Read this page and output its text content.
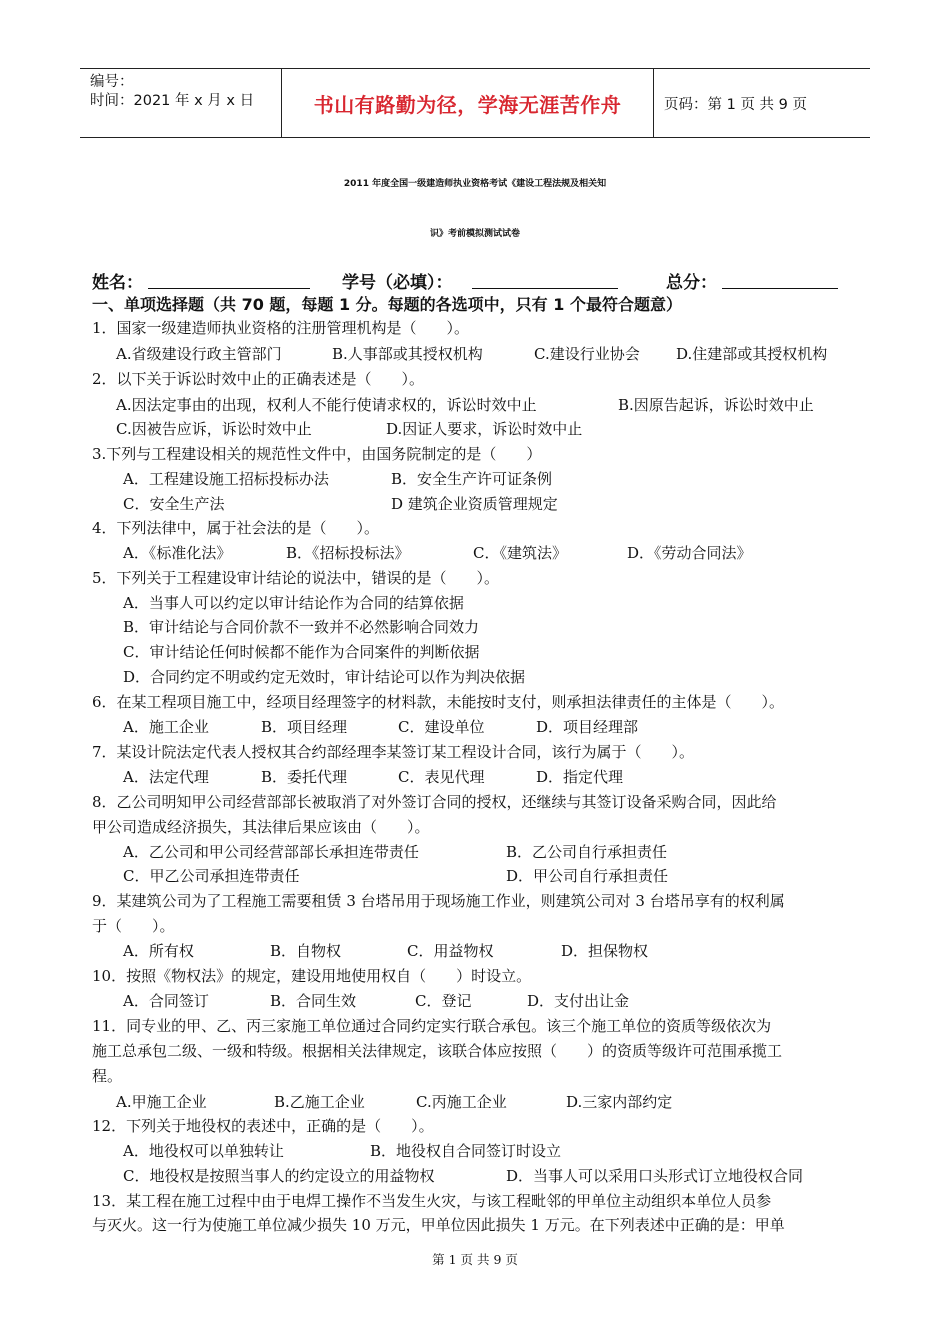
编号：
时间：2021 年 x 月 x 日	书山有路勤为径，学海无涯苦作舟	页码：第 1 页 共 9 页
2011 年度全国一级建造师执业资格考试《建设工程法规及相关知
识》考前模拟测试试卷
姓名：	学号（必填）：	总分：
一、单项选择题（共 70 题，每题 1 分。每题的各选项中，只有 1 个最符合题意）
1．国家一级建造师执业资格的注册管理机构是（　　）。
A.省级建设行政主管部门	B.人事部或其授权机构	C.建设行业协会 D.住建部或其授权机构
2．以下关于诉讼时效中止的正确表述是（　　）。
A.因法定事由的出现，权利人不能行使请求权的，诉讼时效中止	B.因原告起诉，诉讼时效中止
C.因被告应诉，诉讼时效中止	D.因证人要求，诉讼时效中止
3.下列与工程建设相关的规范性文件中，由国务院制定的是（　　）
A．工程建设施工招标投标办法	B．安全生产许可证条例
C．安全生产法	D 建筑企业资质管理规定
4．下列法律中，属于社会法的是（　　）。
A．《标准化法》	B．《招标投标法》	C．《建筑法》	D．《劳动合同法》
5．下列关于工程建设审计结论的说法中，错误的是（　　）。
A．当事人可以约定以审计结论作为合同的结算依据
B．审计结论与合同价款不一致并不必然影响合同效力
C．审计结论任何时候都不能作为合同案件的判断依据
D．合同约定不明或约定无效时，审计结论可以作为判决依据
6．在某工程项目施工中，经项目经理签字的材料款，未能按时支付，则承担法律责任的主体是（　　）。
A．施工企业	B．项目经理	C．建设单位	D．项目经理部
7．某设计院法定代表人授权其合约部经理李某签订某工程设计合同，该行为属于（　　）。
A．法定代理	B．委托代理	C．表见代理	D．指定代理
8．乙公司明知甲公司经营部部长被取消了对外签订合同的授权，还继续与其签订设备采购合同，因此给
甲公司造成经济损失，其法律后果应该由（　　）。
A．乙公司和甲公司经营部部长承担连带责任	B．乙公司自行承担责任
C．甲乙公司承担连带责任	D．甲公司自行承担责任
9．某建筑公司为了工程施工需要租赁 3 台塔吊用于现场施工作业，则建筑公司对 3 台塔吊享有的权利属
于（　　）。
A．所有权	B．自物权	C．用益物权	D．担保物权
10．按照《物权法》的规定，建设用地使用权自（　　）时设立。
A．合同签订	B．合同生效	C．登记	D．支付出让金
11．同专业的甲、乙、丙三家施工单位通过合同约定实行联合承包。该三个施工单位的资质等级依次为
施工总承包二级、一级和特级。根据相关法律规定，该联合体应按照（　　）的资质等级许可范围承揽工
程。
A.甲施工企业	B.乙施工企业	C.丙施工企业	D.三家内部约定
12．下列关于地役权的表述中，正确的是（　　）。
A．地役权可以单独转让	B．地役权自合同签订时设立
C．地役权是按照当事人的约定设立的用益物权	D．当事人可以采用口头形式订立地役权合同
13．某工程在施工过程中由于电焊工操作不当发生火灾，与该工程毗邻的甲单位主动组织本单位人员参
与灭火。这一行为使施工单位减少损失 10 万元，甲单位因此损失 1 万元。在下列表述中正确的是：甲单
第 1 页 共 9 页
